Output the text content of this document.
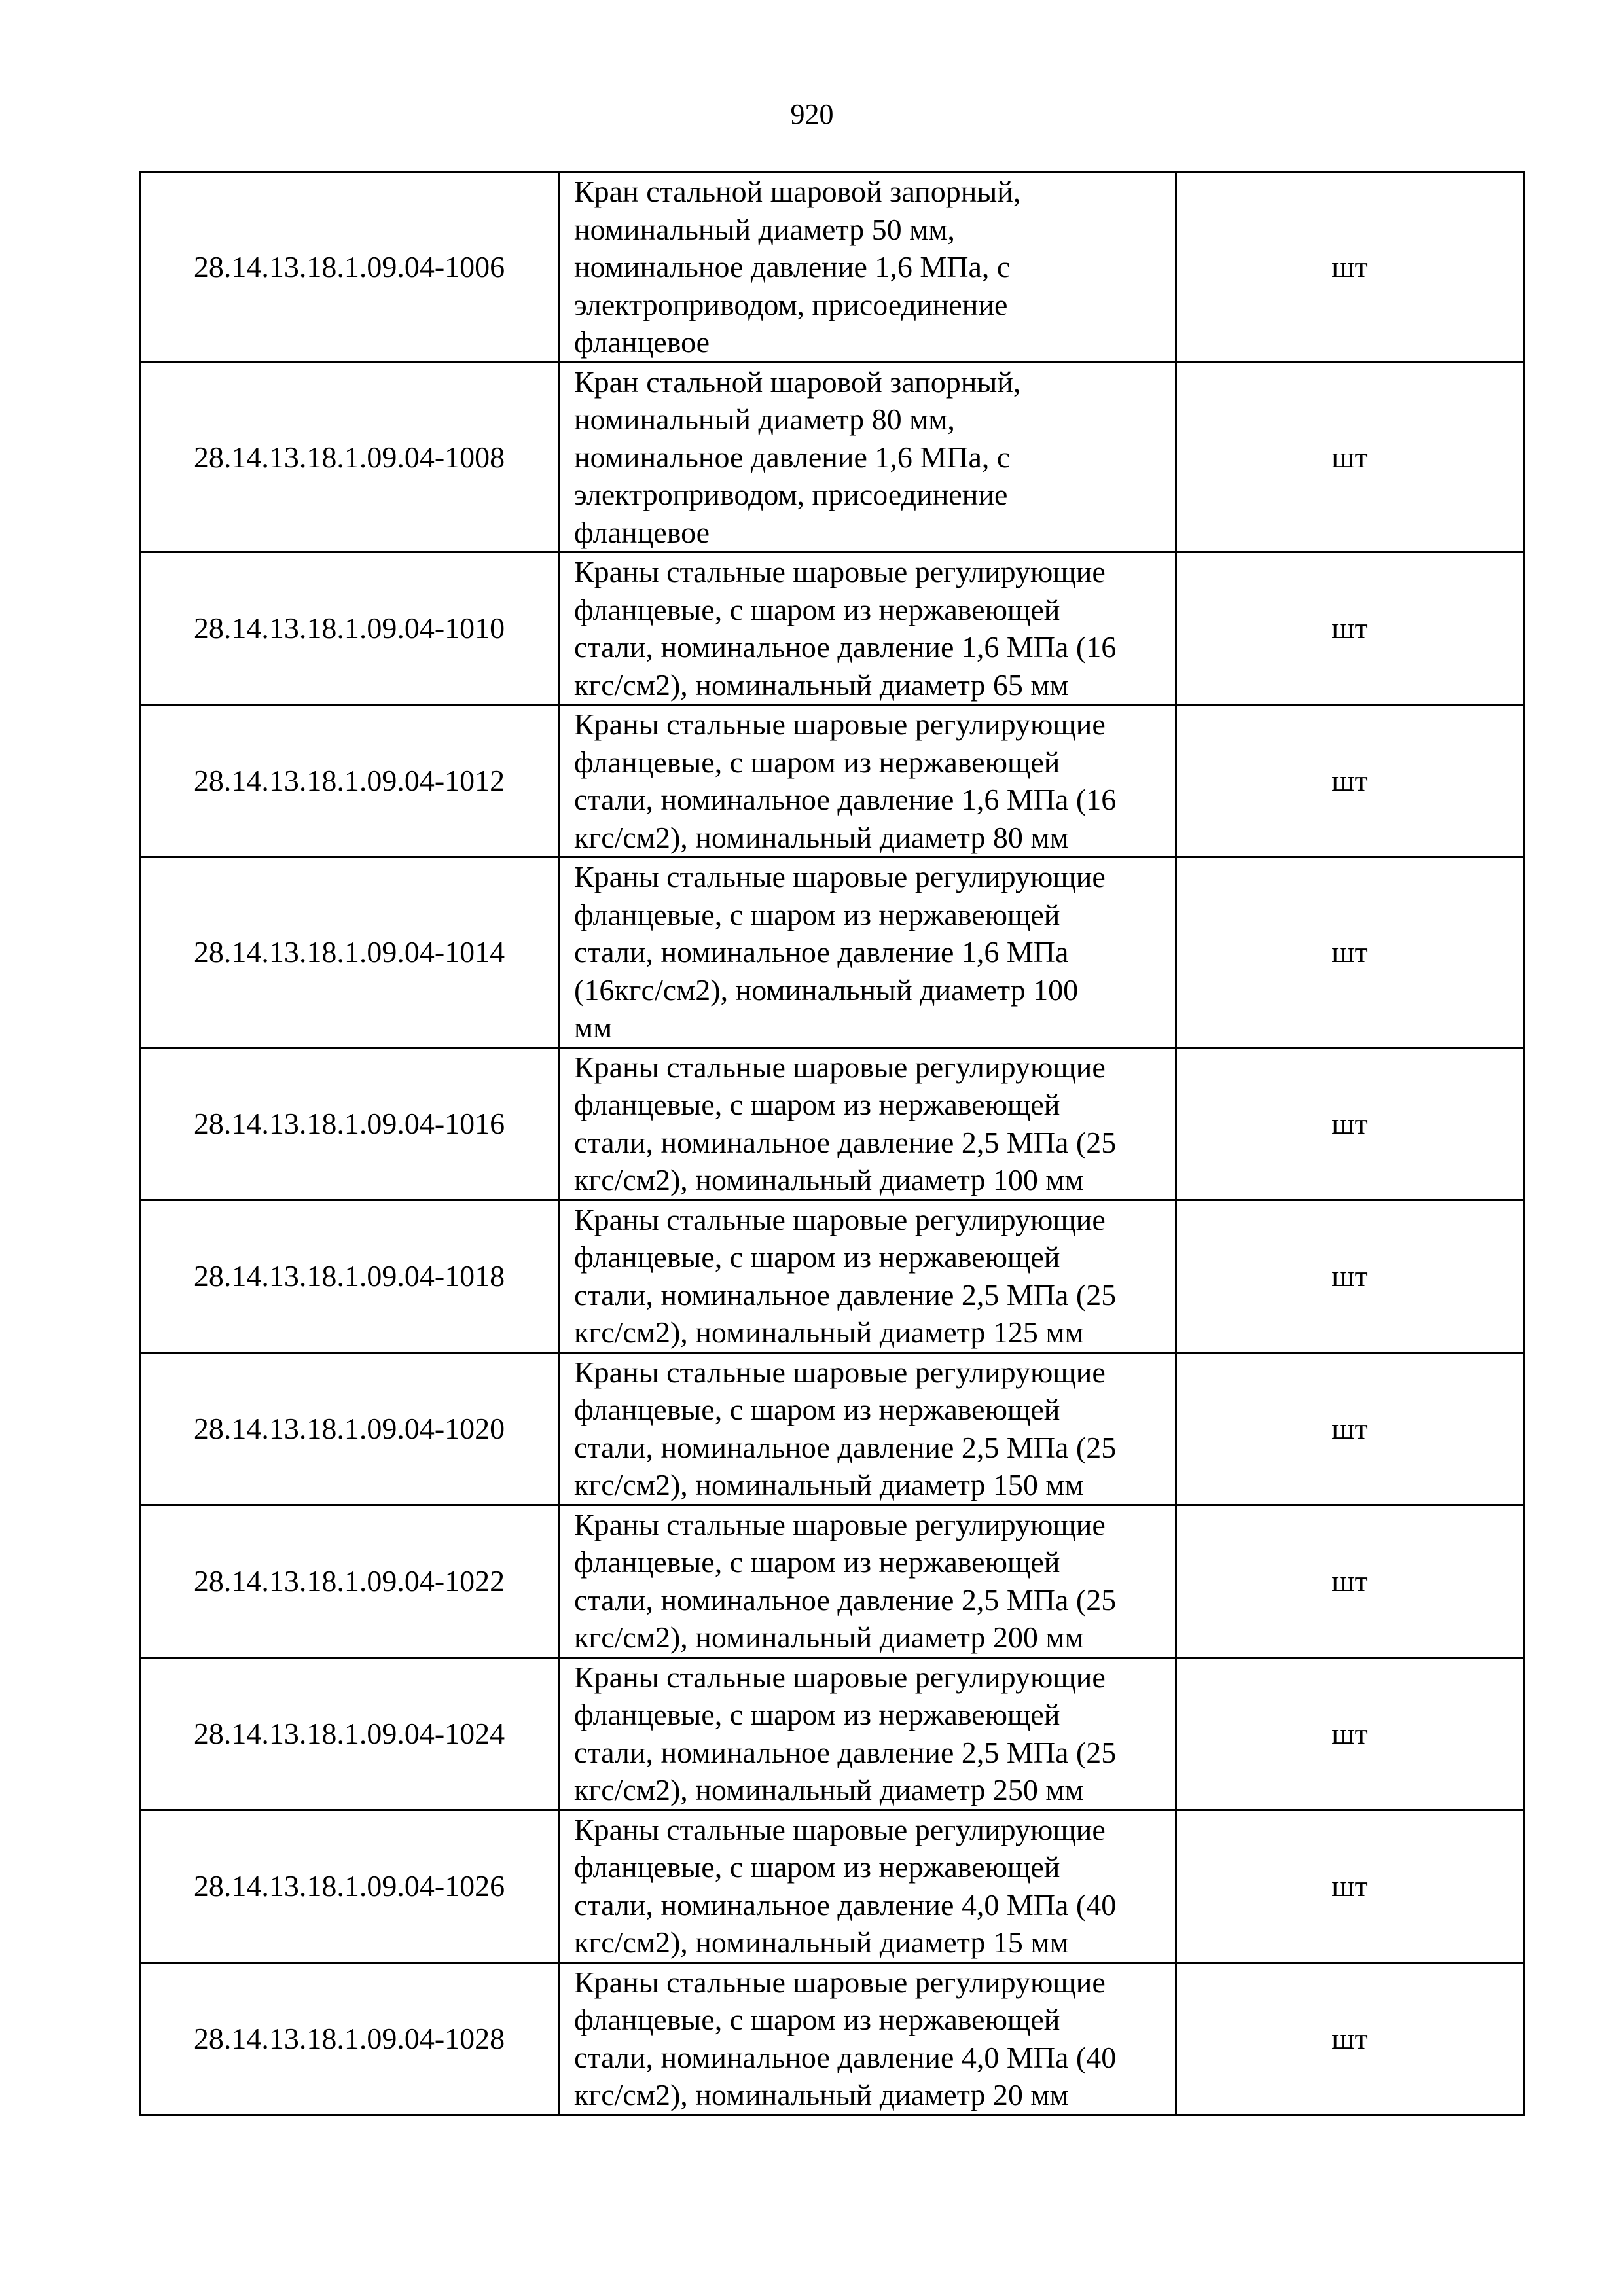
920
28.14.13.18.1.09.04-1006	Кран стальной шаровой запорный,
номинальный диаметр 50 мм,
номинальное давление 1,6 МПа, с
электроприводом, присоединение
фланцевое	шт
28.14.13.18.1.09.04-1008	Кран стальной шаровой запорный,
номинальный диаметр 80 мм,
номинальное давление 1,6 МПа, с
электроприводом, присоединение
фланцевое	шт
28.14.13.18.1.09.04-1010	Краны стальные шаровые регулирующие
фланцевые, с шаром из нержавеющей
стали, номинальное давление 1,6 МПа (16
кгс/см2), номинальный диаметр 65 мм	шт
28.14.13.18.1.09.04-1012	Краны стальные шаровые регулирующие
фланцевые, с шаром из нержавеющей
стали, номинальное давление 1,6 МПа (16
кгс/см2), номинальный диаметр 80 мм	шт
28.14.13.18.1.09.04-1014	Краны стальные шаровые регулирующие
фланцевые, с шаром из нержавеющей
стали, номинальное давление 1,6 МПа
(16кгс/см2), номинальный диаметр 100
мм	шт
28.14.13.18.1.09.04-1016	Краны стальные шаровые регулирующие
фланцевые, с шаром из нержавеющей
стали, номинальное давление 2,5 МПа (25
кгс/см2), номинальный диаметр 100 мм	шт
28.14.13.18.1.09.04-1018	Краны стальные шаровые регулирующие
фланцевые, с шаром из нержавеющей
стали, номинальное давление 2,5 МПа (25
кгс/см2), номинальный диаметр 125 мм	шт
28.14.13.18.1.09.04-1020	Краны стальные шаровые регулирующие
фланцевые, с шаром из нержавеющей
стали, номинальное давление 2,5 МПа (25
кгс/см2), номинальный диаметр 150 мм	шт
28.14.13.18.1.09.04-1022	Краны стальные шаровые регулирующие
фланцевые, с шаром из нержавеющей
стали, номинальное давление 2,5 МПа (25
кгс/см2), номинальный диаметр 200 мм	шт
28.14.13.18.1.09.04-1024	Краны стальные шаровые регулирующие
фланцевые, с шаром из нержавеющей
стали, номинальное давление 2,5 МПа (25
кгс/см2), номинальный диаметр 250 мм	шт
28.14.13.18.1.09.04-1026	Краны стальные шаровые регулирующие
фланцевые, с шаром из нержавеющей
стали, номинальное давление 4,0 МПа (40
кгс/см2), номинальный диаметр 15 мм	шт
28.14.13.18.1.09.04-1028	Краны стальные шаровые регулирующие
фланцевые, с шаром из нержавеющей
стали, номинальное давление 4,0 МПа (40
кгс/см2), номинальный диаметр 20 мм	шт
